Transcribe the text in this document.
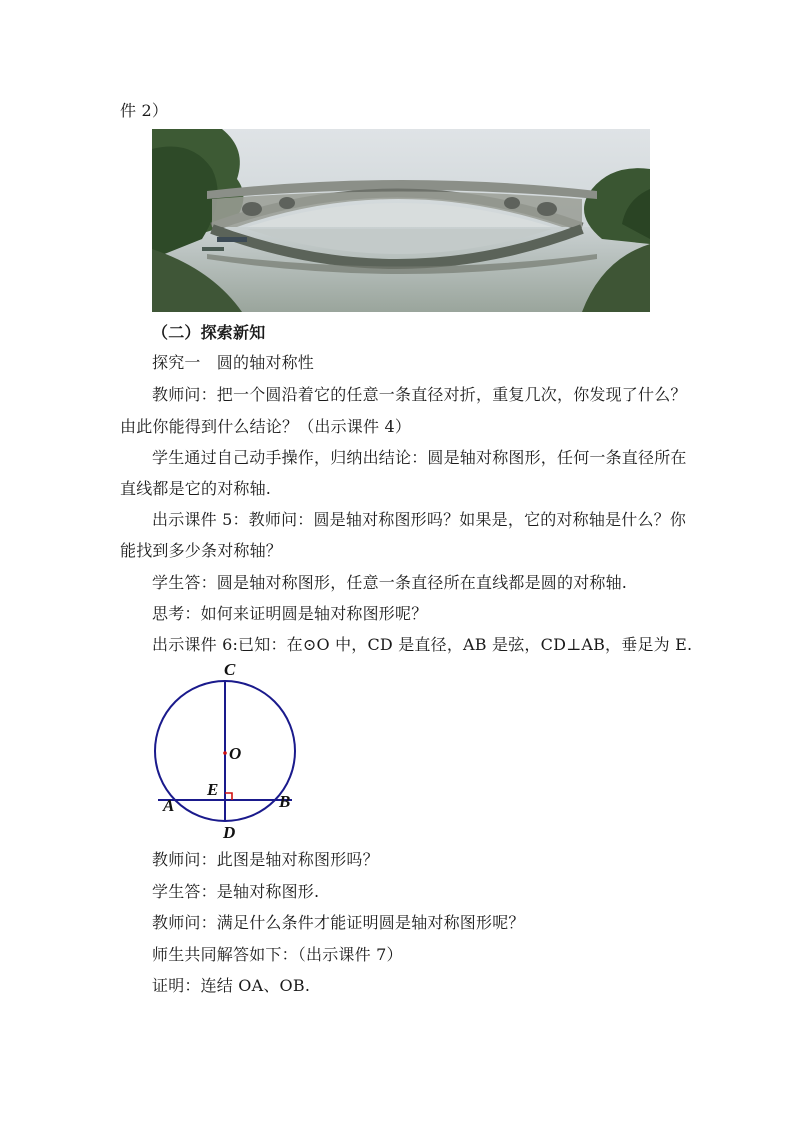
件 2）
（二）探索新知
探究一　圆的轴对称性
教师问：把一个圆沿着它的任意一条直径对折，重复几次，你发现了什么？
由此你能得到什么结论？（出示课件 4）
学生通过自己动手操作，归纳出结论：圆是轴对称图形，任何一条直径所在
直线都是它的对称轴.
出示课件 5：教师问：圆是轴对称图形吗？如果是，它的对称轴是什么？你
能找到多少条对称轴？
学生答：圆是轴对称图形，任意一条直径所在直线都是圆的对称轴.
思考：如何来证明圆是轴对称图形呢？
出示课件 6:已知：在⊙O 中，CD 是直径，AB 是弦，CD⊥AB，垂足为 E.
C
O
E
A	B
D
教师问：此图是轴对称图形吗？
学生答：是轴对称图形.
教师问：满足什么条件才能证明圆是轴对称图形呢？
师生共同解答如下：（出示课件 7）
证明：连结 OA、OB.
